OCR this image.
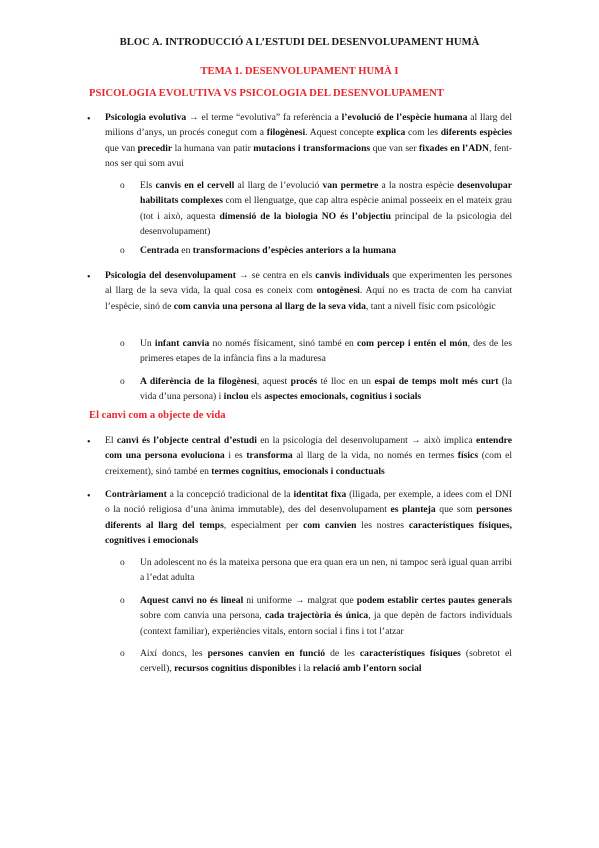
BLOC A. INTRODUCCIÓ A L’ESTUDI DEL DESENVOLUPAMENT HUMÀ
TEMA 1. DESENVOLUPAMENT HUMÀ I
PSICOLOGIA EVOLUTIVA VS PSICOLOGIA DEL DESENVOLUPAMENT
• Psicologia evolutiva → el terme “evolutiva” fa referència a l’evolució de l’espècie humana al llarg del milions d’anys, un procés conegut com a filogènesi. Aquest concepte explica com les diferents espècies que van precedir la humana van patir mutacions i transformacions que van ser fixades en l’ADN, fent-nos ser qui som avui

o Els canvis en el cervell al llarg de l’evolució van permetre a la nostra espècie desenvolupar habilitats complexes com el llenguatge, que cap altra espècie animal posseeix en el mateix grau (tot i això, aquesta dimensió de la biologia NO és l’objectiu principal de la psicologia del desenvolupament)

o Centrada en transformacions d’espècies anteriors a la humana

• Psicologia del desenvolupament → se centra en els canvis individuals que experimenten les persones al llarg de la seva vida, la qual cosa es coneix com ontogènesi. Aquí no es tracta de com ha canviat l’espècie, sinó de com canvia una persona al llarg de la seva vida, tant a nivell físic com psicològic

o Un infant canvia no només físicament, sinó també en com percep i entén el món, des de les primeres etapes de la infància fins a la maduresa

o A diferència de la filogènesi, aquest procés té lloc en un espai de temps molt més curt (la vida d’una persona) i inclou els aspectes emocionals, cognitius i socials

El canvi com a objecte de vida
• El canvi és l’objecte central d’estudi en la psicologia del desenvolupament → això implica entendre com una persona evoluciona i es transforma al llarg de la vida, no només en termes físics (com el creixement), sinó també en termes cognitius, emocionals i conductuals

• Contràriament a la concepció tradicional de la identitat fixa (lligada, per exemple, a idees com el DNI o la noció religiosa d’una ànima immutable), des del desenvolupament es planteja que som persones diferents al llarg del temps, especialment per com canvien les nostres característiques físiques, cognitives i emocionals

o Un adolescent no és la mateixa persona que era quan era un nen, ni tampoc serà igual quan arribi a l’edat adulta

o Aquest canvi no és lineal ni uniforme → malgrat que podem establir certes pautes generals sobre com canvia una persona, cada trajectòria és única, ja que depèn de factors individuals (context familiar), experiències vitals, entorn social i fins i tot l’atzar

o Així doncs, les persones canvien en funció de les característiques físiques (sobretot el cervell), recursos cognitius disponibles i la relació amb l’entorn social
